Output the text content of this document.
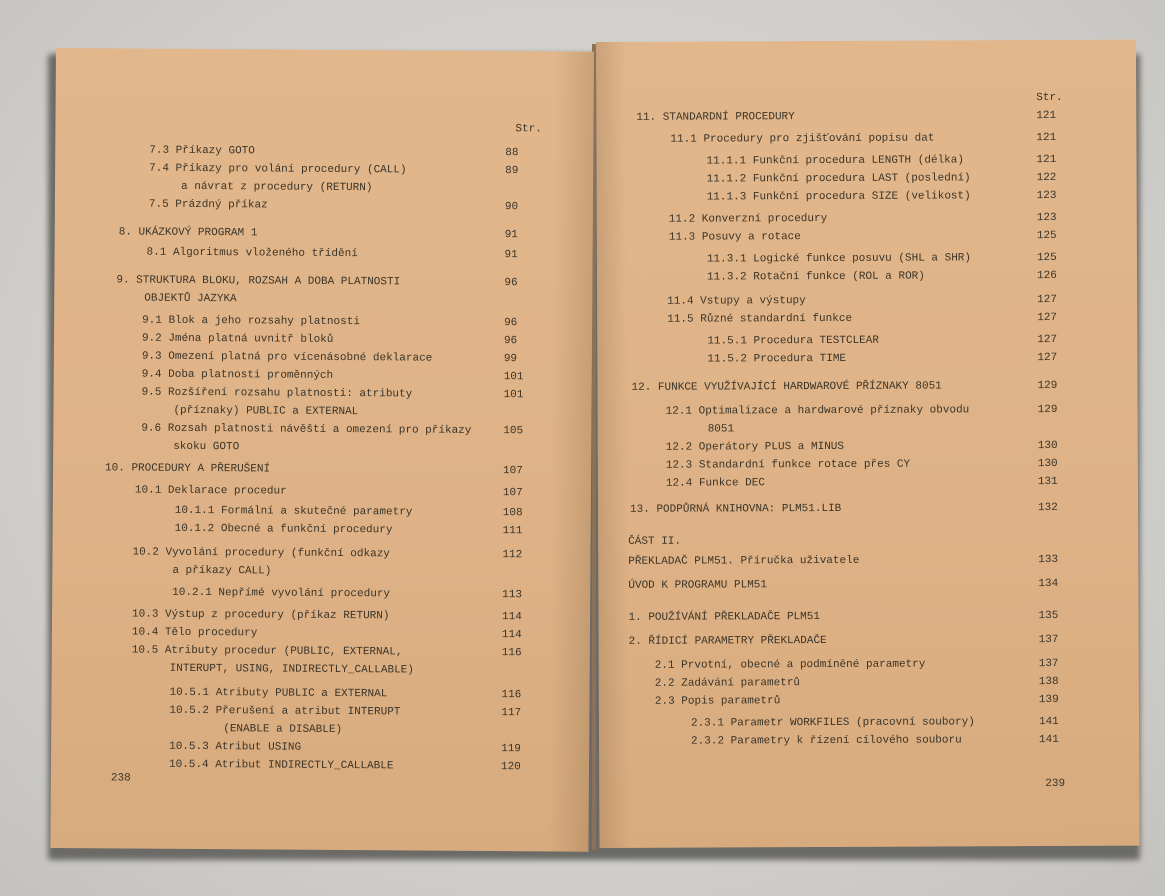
Str.
7.3 Příkazy GOTO	88
7.4 Příkazy pro volání procedury (CALL)	89
a návrat z procedury (RETURN)
7.5 Prázdný příkaz	90
8. UKÁZKOVÝ PROGRAM 1	91
8.1 Algoritmus vloženého třídění	91
9. STRUKTURA BLOKU, ROZSAH A DOBA PLATNOSTI	96
OBJEKTŮ JAZYKA
9.1 Blok a jeho rozsahy platnosti	96
9.2 Jména platná uvnitř bloků	96
9.3 Omezení platná pro vícenásobné deklarace	99
9.4 Doba platnosti proměnných	101
9.5 Rozšíření rozsahu platnosti: atributy	101
(příznaky) PUBLIC a EXTERNAL
9.6 Rozsah platnosti návěští a omezení pro příkazy	105
skoku GOTO
10. PROCEDURY A PŘERUŠENÍ	107
10.1 Deklarace procedur	107
10.1.1 Formální a skutečné parametry	108
10.1.2 Obecné a funkční procedury	111
10.2 Vyvolání procedury (funkční odkazy	112
a příkazy CALL)
10.2.1 Nepřímé vyvolání procedury	113
10.3 Výstup z procedury (příkaz RETURN)	114
10.4 Tělo procedury	114
10.5 Atributy procedur (PUBLIC, EXTERNAL,	116
INTERUPT, USING, INDIRECTLY_CALLABLE)
10.5.1 Atributy PUBLIC a EXTERNAL	116
10.5.2 Přerušení a atribut INTERUPT	117
(ENABLE a DISABLE)
10.5.3 Atribut USING	119
10.5.4 Atribut INDIRECTLY_CALLABLE	120
238
Str.
11. STANDARDNÍ PROCEDURY	121
11.1 Procedury pro zjišťování popisu dat	121
11.1.1 Funkční procedura LENGTH (délka)	121
11.1.2 Funkční procedura LAST (poslední)	122
11.1.3 Funkční procedura SIZE (velikost)	123
11.2 Konverzní procedury	123
11.3 Posuvy a rotace	125
11.3.1 Logické funkce posuvu (SHL a SHR)	125
11.3.2 Rotační funkce (ROL a ROR)	126
11.4 Vstupy a výstupy	127
11.5 Různé standardní funkce	127
11.5.1 Procedura TESTCLEAR	127
11.5.2 Procedura TIME	127
12. FUNKCE VYUŽÍVAJÍCÍ HARDWAROVÉ PŘÍZNAKY 8051	129
12.1 Optimalizace a hardwarové příznaky obvodu	129
8051
12.2 Operátory PLUS a MINUS	130
12.3 Standardní funkce rotace přes CY	130
12.4 Funkce DEC	131
13. PODPŮRNÁ KNIHOVNA: PLM51.LIB	132
ČÁST II.
PŘEKLADAČ PLM51. Příručka uživatele	133
ÚVOD K PROGRAMU PLM51	134
1. POUŽÍVÁNÍ PŘEKLADAČE PLM51	135
2. ŘÍDICÍ PARAMETRY PŘEKLADAČE	137
2.1 Prvotní, obecné a podmíněné parametry	137
2.2 Zadávání parametrů	138
2.3 Popis parametrů	139
2.3.1 Parametr WORKFILES (pracovní soubory)	141
2.3.2 Parametry k řízení cílového souboru	141
239
